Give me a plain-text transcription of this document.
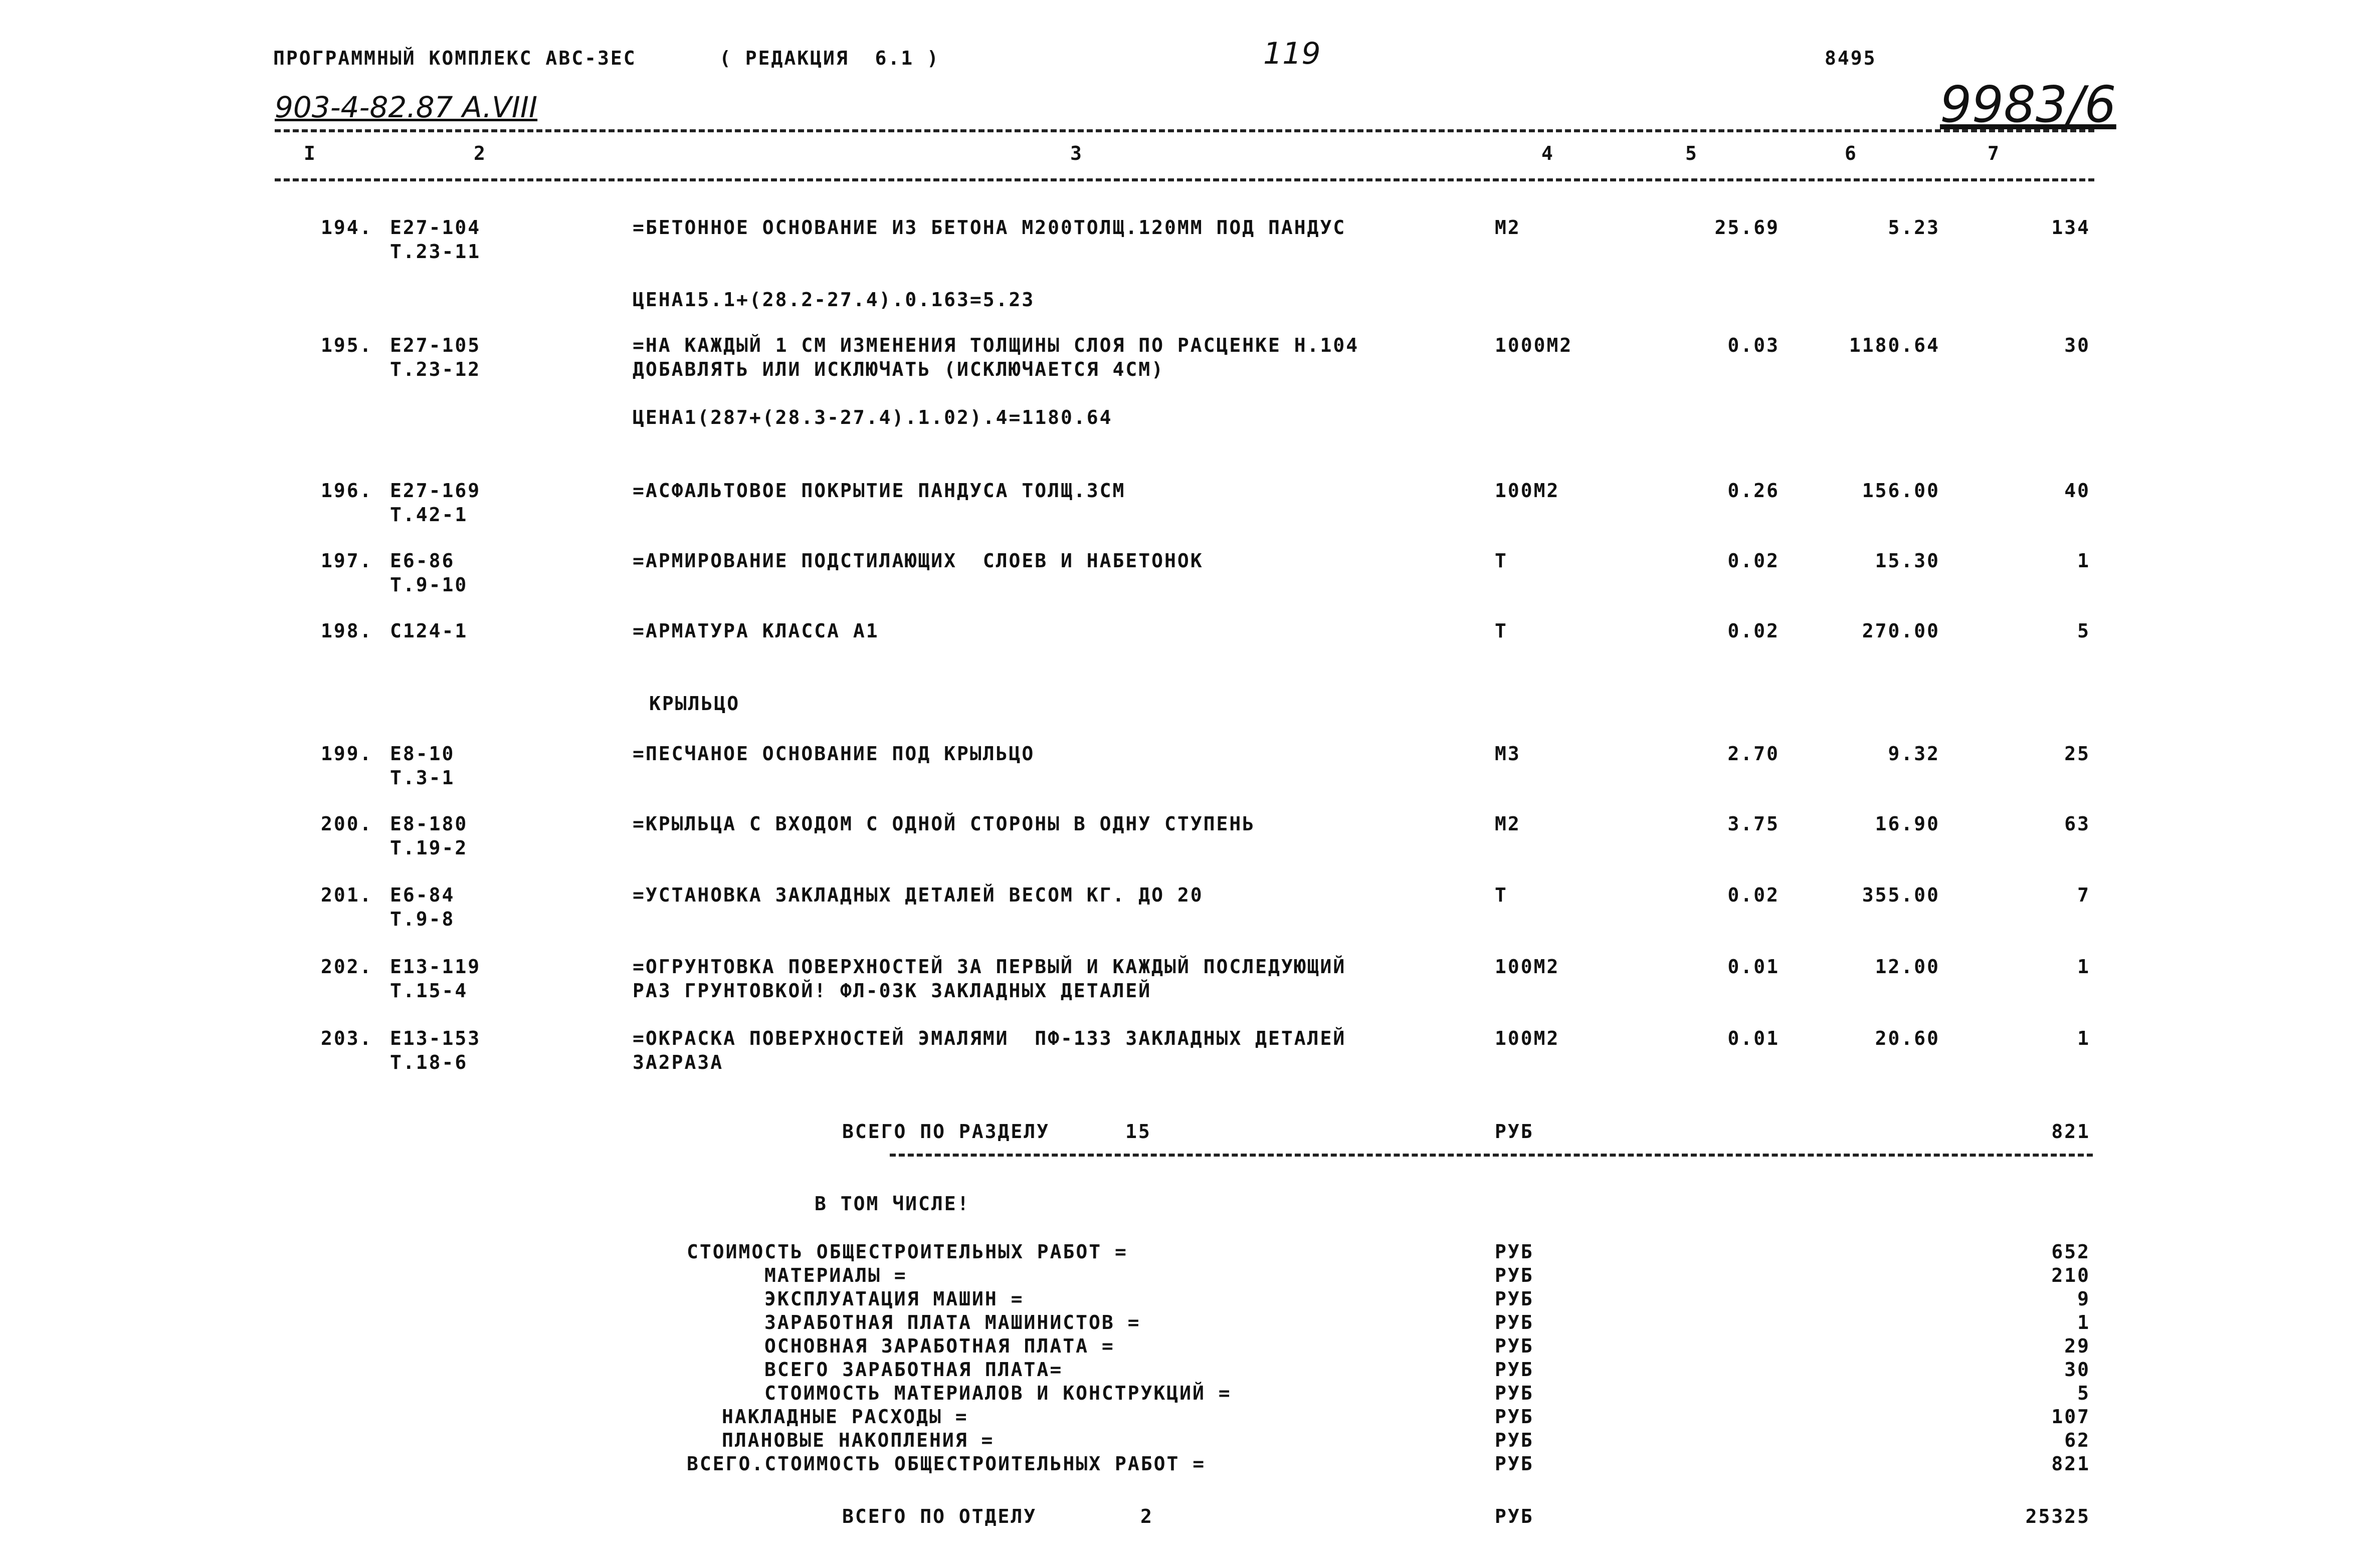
ПРОГРАММНЫЙ КОМПЛЕКС АВС-3ЕС	( РЕДАКЦИЯ  6.1 )	119	8495
903-4-82.87 A.VIII	9983/6
I	2	3	4	5	6	7
194. E27-104
T.23-11
=БЕТОННОЕ ОСНОВАНИЕ ИЗ БЕТОНА M200ТОЛЩ.120ММ ПОД ПАНДУС
ЦЕНА15.1+(28.2-27.4).0.163=5.23
M2	25.69	5.23	134
195. E27-105
T.23-12
=НА КАЖДЫЙ 1 СМ ИЗМЕНЕНИЯ ТОЛЩИНЫ СЛОЯ ПО РАСЦЕНКЕ Н.104
ДОБАВЛЯТЬ ИЛИ ИСКЛЮЧАТЬ (ИСКЛЮЧАЕТСЯ 4СМ)
ЦЕНА1(287+(28.3-27.4).1.02).4=1180.64
1000M2	0.03	1180.64	30
196. E27-169
T.42-1
=АСФАЛЬТОВОЕ ПОКРЫТИЕ ПАНДУСА ТОЛЩ.3СМ	100M2	0.26	156.00	40
197. E6-86
T.9-10
=АРМИРОВАНИЕ ПОДСТИЛАЮЩИХ  СЛОЕВ И НАБЕТОНОК	T	0.02	15.30	1
198. C124-1	=АРМАТУРА КЛАССА А1	T	0.02	270.00	5
199. E8-10
T.3-1
=ПЕСЧАНОЕ ОСНОВАНИЕ ПОД КРЫЛЬЦО	M3	2.70	9.32	25
200. E8-180
T.19-2
=КРЫЛЬЦА С ВХОДОМ С ОДНОЙ СТОРОНЫ В ОДНУ СТУПЕНЬ	M2	3.75	16.90	63
201. E6-84
T.9-8
=УСТАНОВКА ЗАКЛАДНЫХ ДЕТАЛЕЙ ВЕСОМ КГ. ДО 20	T	0.02	355.00	7
202. E13-119
T.15-4
=ОГРУНТОВКА ПОВЕРХНОСТЕЙ ЗА ПЕРВЫЙ И КАЖДЫЙ ПОСЛЕДУЮЩИЙ
РАЗ ГРУНТОВКОЙ! ФЛ-03К ЗАКЛАДНЫХ ДЕТАЛЕЙ
100M2	0.01	12.00	1
203. E13-153
T.18-6
=ОКРАСКА ПОВЕРХНОСТЕЙ ЭМАЛЯМИ  ПФ-133 ЗАКЛАДНЫХ ДЕТАЛЕЙ
ЗА2РАЗА
100M2	0.01	20.60	1
КРЫЛЬЦО
ВСЕГО ПО РАЗДЕЛУ	15	РУБ	821
В ТОМ ЧИСЛЕ!
СТОИМОСТЬ ОБЩЕСТРОИТЕЛЬНЫХ РАБОТ =	РУБ	652
МАТЕРИАЛЫ =	РУБ	210
ЭКСПЛУАТАЦИЯ МАШИН =	РУБ	9
ЗАРАБОТНАЯ ПЛАТА МАШИНИСТОВ =	РУБ	1
ОСНОВНАЯ ЗАРАБОТНАЯ ПЛАТА =	РУБ	29
ВСЕГО ЗАРАБОТНАЯ ПЛАТА=	РУБ	30
СТОИМОСТЬ МАТЕРИАЛОВ И КОНСТРУКЦИЙ =	РУБ	5
НАКЛАДНЫЕ РАСХОДЫ =	РУБ	107
ПЛАНОВЫЕ НАКОПЛЕНИЯ =	РУБ	62
ВСЕГО.СТОИМОСТЬ ОБЩЕСТРОИТЕЛЬНЫХ РАБОТ =	РУБ	821
ВСЕГО ПО ОТДЕЛУ	2	РУБ	25325
